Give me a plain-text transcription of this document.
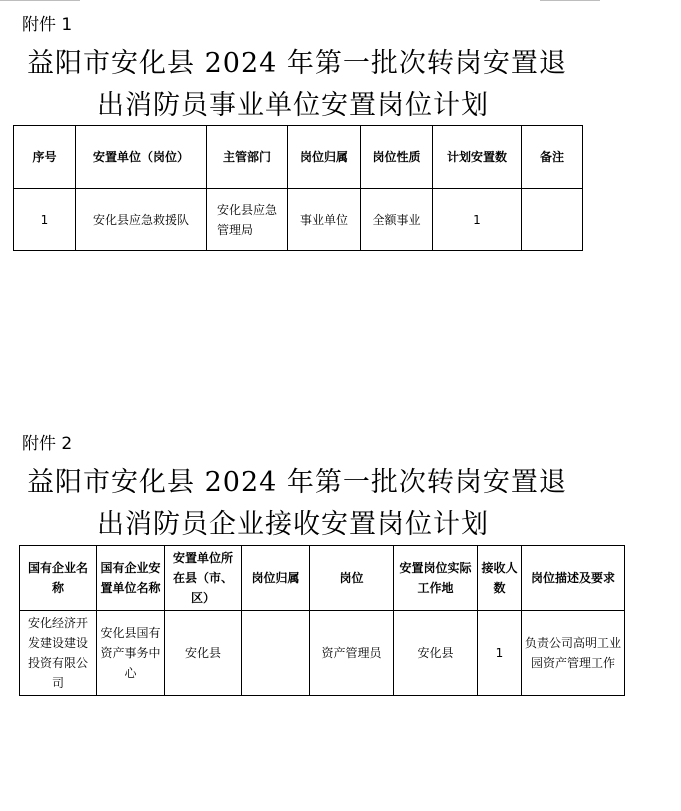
附件 1
益阳市安化县 2024 年第一批次转岗安置退
出消防员事业单位安置岗位计划
序号	安置单位（岗位）	主管部门	岗位归属	岗位性质	计划安置数	备注
1	安化县应急救援队	安化县应急管理局	事业单位	全额事业	1	
附件 2
益阳市安化县 2024 年第一批次转岗安置退
出消防员企业接收安置岗位计划
国有企业名称	国有企业安置单位名称	安置单位所在县（市、区）	岗位归属	岗位	安置岗位实际工作地	接收人数	岗位描述及要求
安化经济开发建设建设投资有限公司	安化县国有资产事务中心	安化县		资产管理员	安化县	1	负责公司高明工业园资产管理工作
